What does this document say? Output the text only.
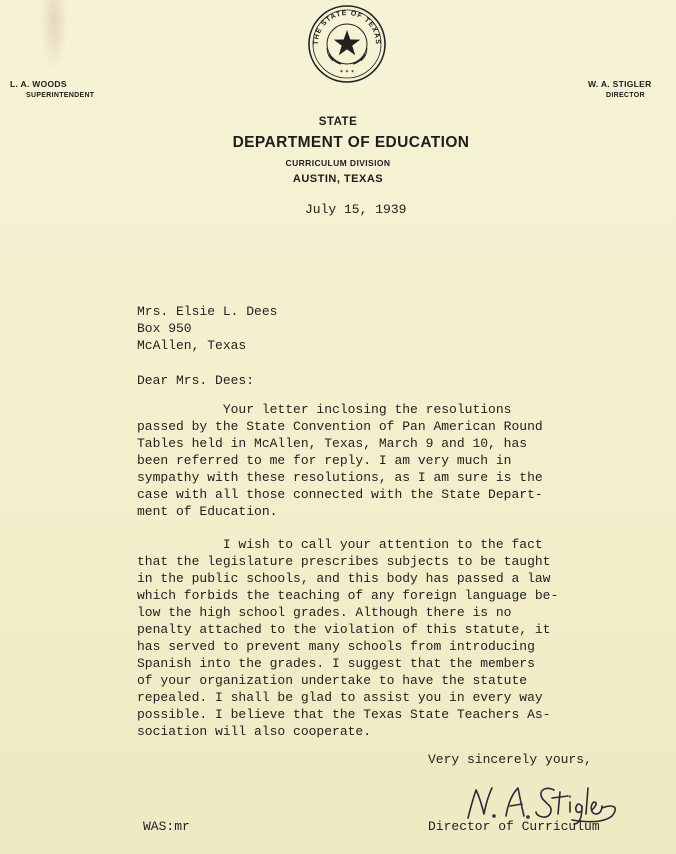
THE STATE OF TEXAS
✶ ✶ ✶
L. A. WOODS
SUPERINTENDENT
W. A. STIGLER
DIRECTOR
STATE
DEPARTMENT OF EDUCATION
CURRICULUM DIVISION
AUSTIN, TEXAS
July 15, 1939
Mrs. Elsie L. Dees
Box 950
McAllen, Texas
Dear Mrs. Dees:
Your letter inclosing the resolutions
passed by the State Convention of Pan American Round
Tables held in McAllen, Texas, March 9 and 10, has
been referred to me for reply. I am very much in
sympathy with these resolutions, as I am sure is the
case with all those connected with the State Depart-
ment of Education.
I wish to call your attention to the fact
that the legislature prescribes subjects to be taught
in the public schools, and this body has passed a law
which forbids the teaching of any foreign language be-
low the high school grades. Although there is no
penalty attached to the violation of this statute, it
has served to prevent many schools from introducing
Spanish into the grades. I suggest that the members
of your organization undertake to have the statute
repealed. I shall be glad to assist you in every way
possible. I believe that the Texas State Teachers As-
sociation will also cooperate.
Very sincerely yours,
Director of Curriculum
WAS:mr
